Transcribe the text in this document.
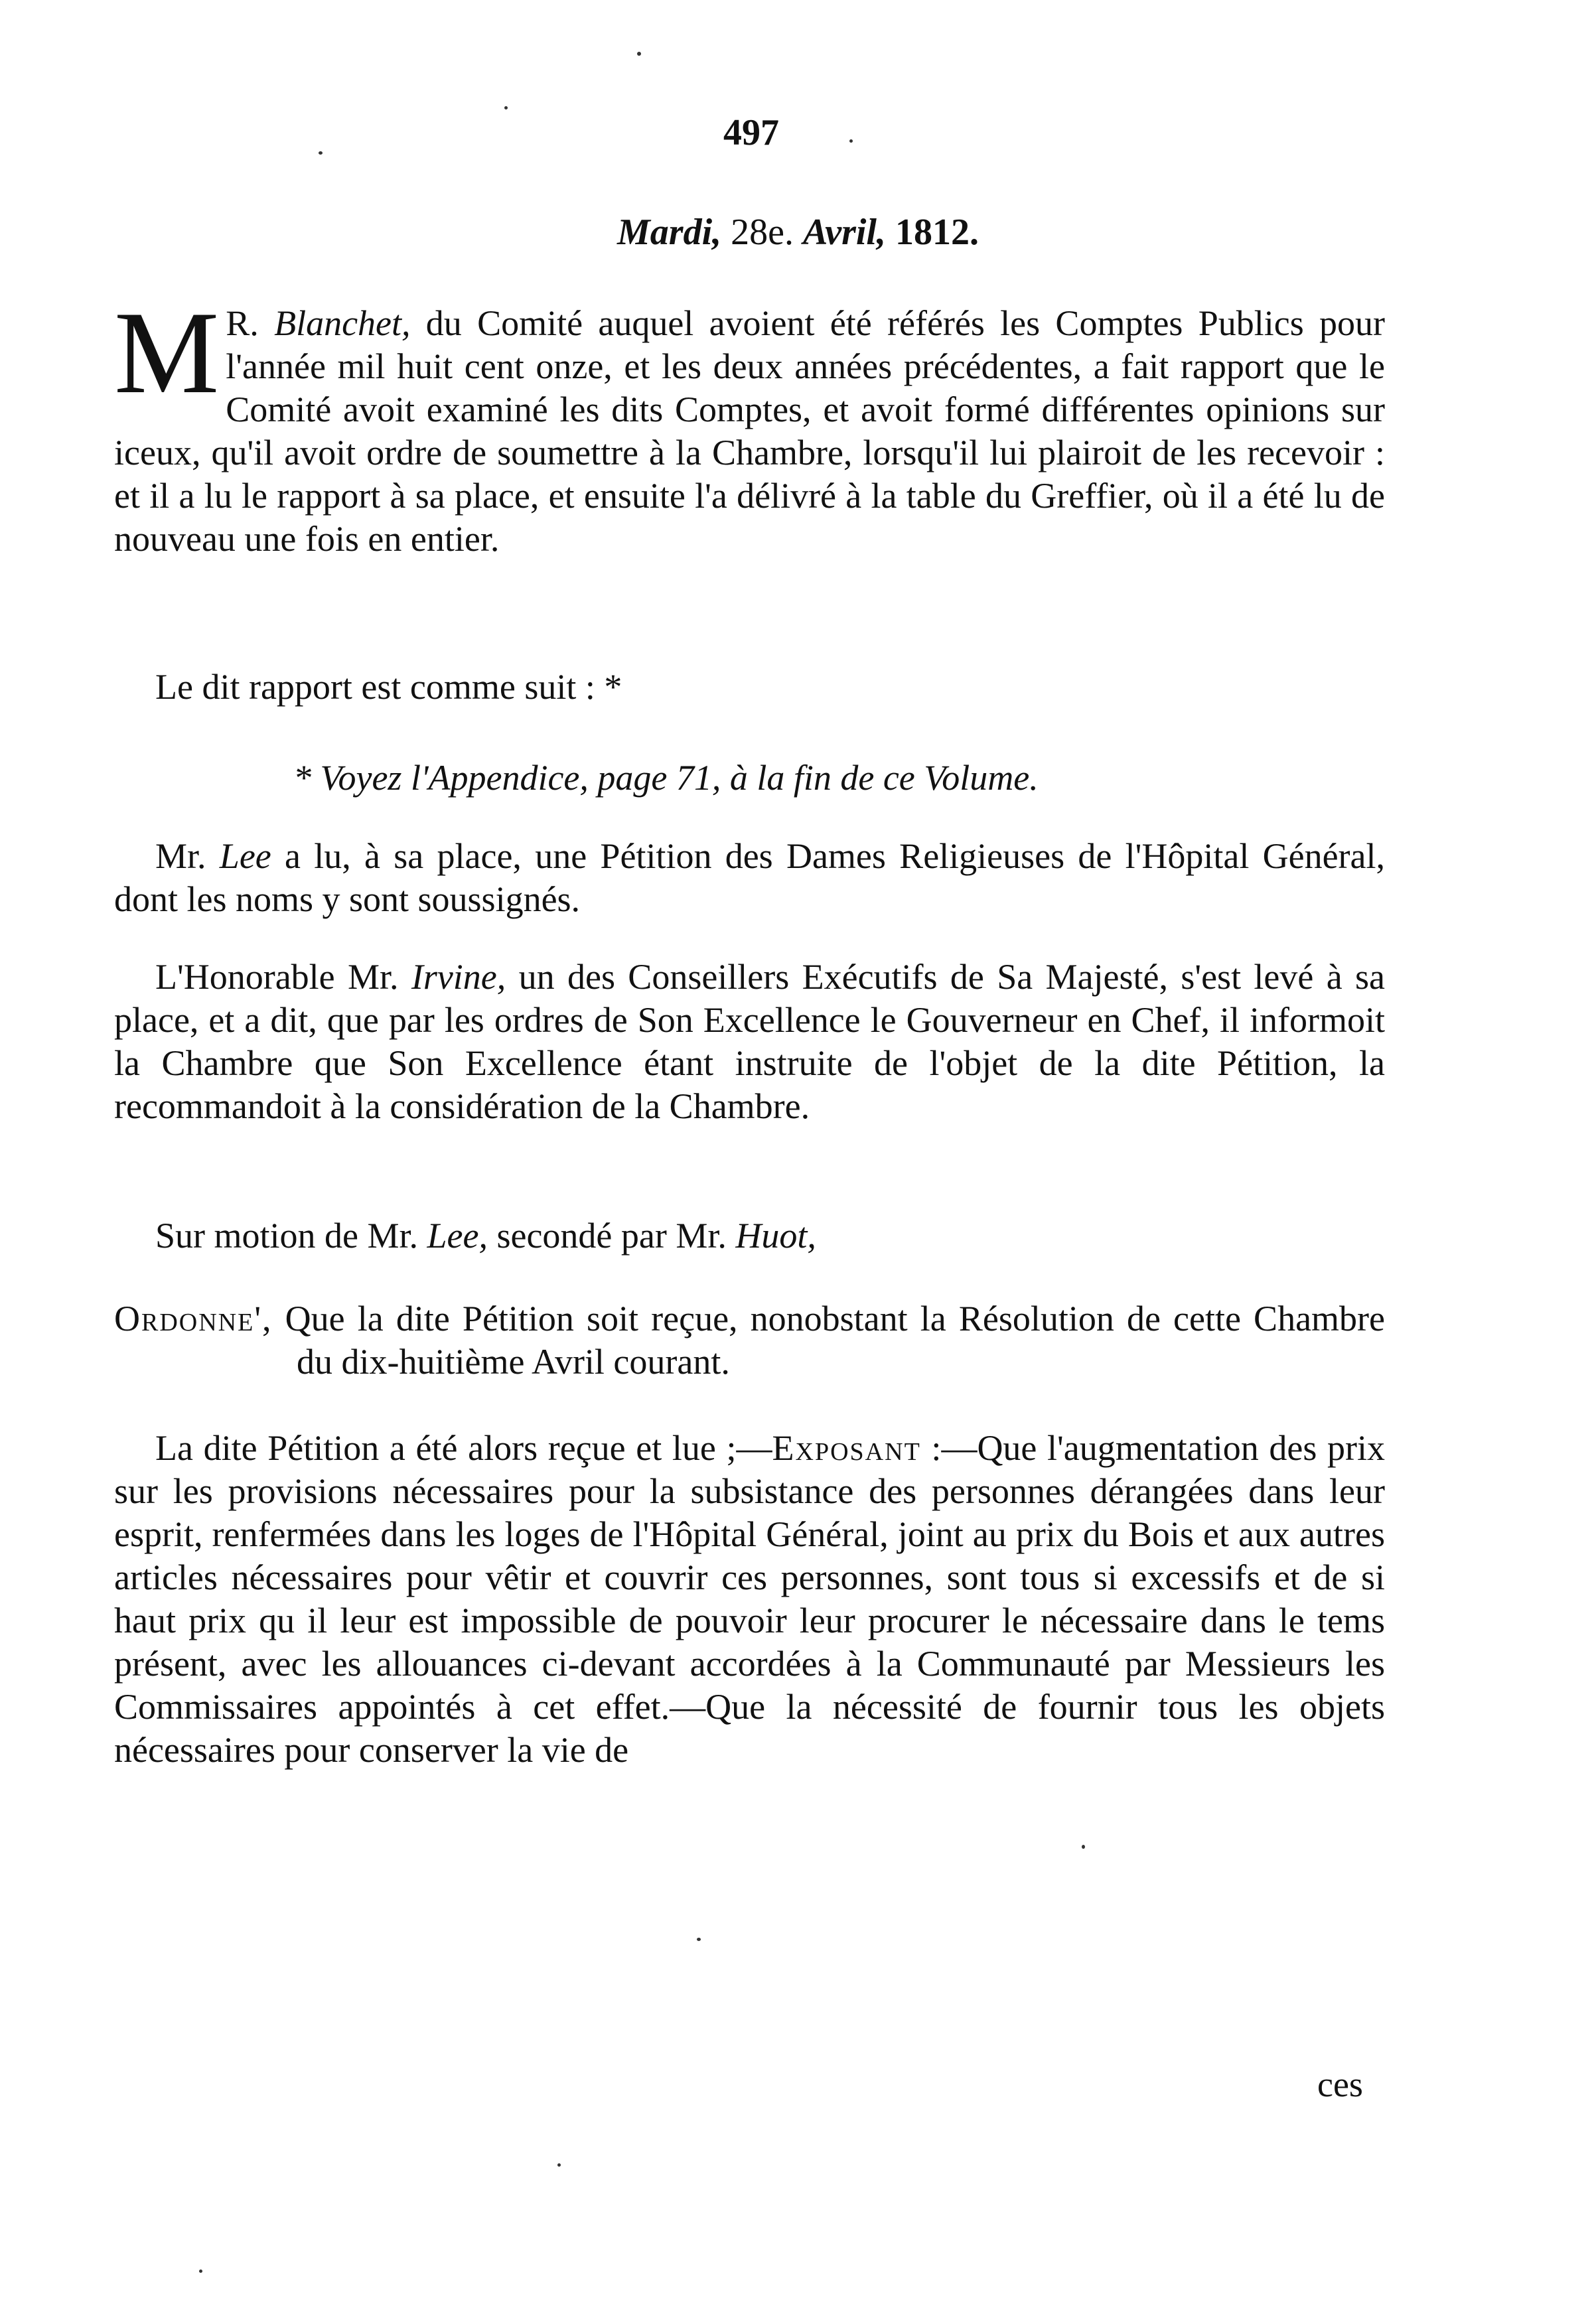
497
Mardi, 28e. Avril, 1812.

M R. Blanchet, du Comité auquel avoient été référés les Comptes Publics pour l'année mil huit cent onze, et les deux années précédentes, a fait rapport que le Comité avoit examiné les dits Comptes, et avoit formé différentes opinions sur iceux, qu'il avoit ordre de soumettre à la Chambre, lorsqu'il lui plairoit de les recevoir : et il a lu le rapport à sa place, et ensuite l'a délivré à la table du Greffier, où il a été lu de nouveau une fois en entier.

Le dit rapport est comme suit : *

* Voyez l'Appendice, page 71, à la fin de ce Volume.

Mr. Lee a lu, à sa place, une Pétition des Dames Religieuses de l'Hôpital Général, dont les noms y sont soussignés.

L'Honorable Mr. Irvine, un des Conseillers Exécutifs de Sa Majesté, s'est levé à sa place, et a dit, que par les ordres de Son Excellence le Gouverneur en Chef, il informoit la Chambre que Son Excellence étant instruite de l'objet de la dite Pétition, la recommandoit à la considération de la Chambre.

Sur motion de Mr. Lee, secondé par Mr. Huot,

Ordonne', Que la dite Pétition soit reçue, nonobstant la Résolution de cette Chambre du dix-huitième Avril courant.

La dite Pétition a été alors reçue et lue ;—Exposant :—Que l'augmentation des prix sur les provisions nécessaires pour la subsistance des personnes dérangées dans leur esprit, renfermées dans les loges de l'Hôpital Général, joint au prix du Bois et aux autres articles nécessaires pour vêtir et couvrir ces personnes, sont tous si excessifs et de si haut prix qu il leur est impossible de pouvoir leur procurer le nécessaire dans le tems présent, avec les allouances ci-devant accordées à la Communauté par Messieurs les Commissaires appointés à cet effet.—Que la nécessité de fournir tous les objets nécessaires pour conserver la vie de

ces
